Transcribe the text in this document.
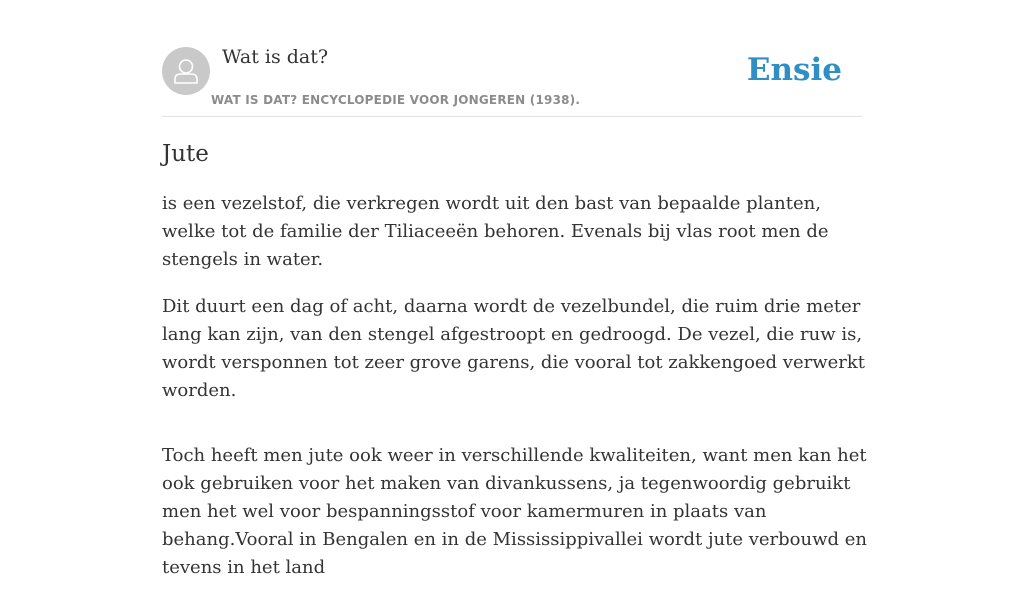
Wat is dat?
WAT IS DAT? ENCYCLOPEDIE VOOR JONGEREN (1938).
Ensie
Jute

is een vezelstof, die verkregen wordt uit den bast van bepaalde planten, welke tot de familie der Tiliaceeën behoren. Evenals bij vlas root men de stengels in water.

Dit duurt een dag of acht, daarna wordt de vezelbundel, die ruim drie meter lang kan zijn, van den stengel afgestroopt en gedroogd. De vezel, die ruw is, wordt versponnen tot zeer grove garens, die vooral tot zakkengoed verwerkt worden.

Toch heeft men jute ook weer in verschillende kwaliteiten, want men kan het ook gebruiken voor het maken van divankussens, ja tegenwoordig gebruikt men het wel voor bespanningsstof voor kamermuren in plaats van behang.Vooral in Bengalen en in de Mississippivallei wordt jute verbouwd en tevens in het land
